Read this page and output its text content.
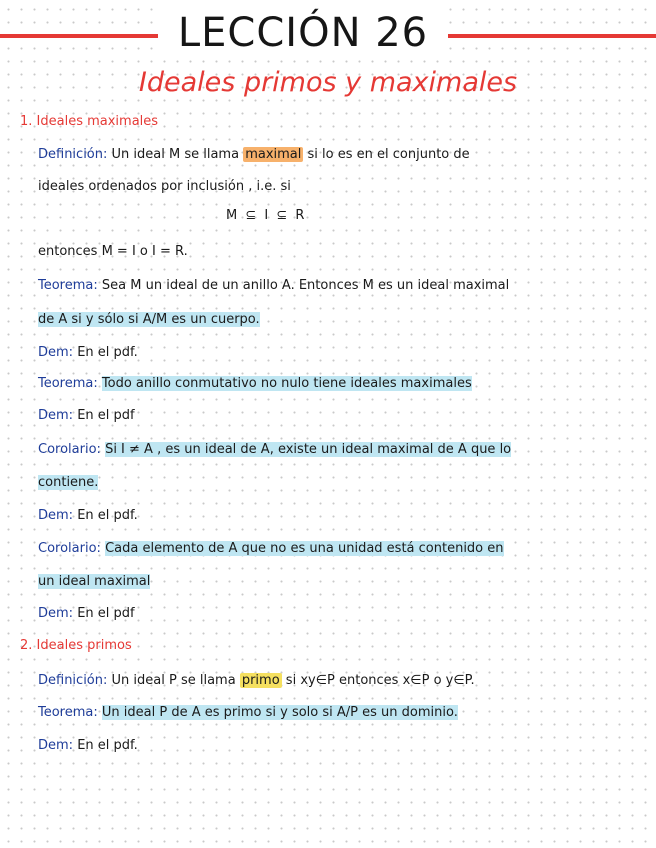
LECCIÓN 26
Ideales primos y maximales
1. Ideales maximales
Definición: Un ideal M se llama maximal si lo es en el conjunto de
ideales ordenados por inclusión , i.e. si
M ⊆ I ⊆ R
entonces M = I o I = R.
Teorema: Sea M un ideal de un anillo A. Entonces M es un ideal maximal
de A si y sólo si A/M es un cuerpo.
Dem: En el pdf.
Teorema: Todo anillo conmutativo no nulo tiene ideales maximales
Dem: En el pdf
Corolario: Si I ≠ A , es un ideal de A, existe un ideal maximal de A que lo
contiene.
Dem: En el pdf.
Corolario: Cada elemento de A que no es una unidad está contenido en
un ideal maximal
Dem: En el pdf
2. Ideales primos
Definición: Un ideal P se llama primo si xy∈P entonces x∈P o y∈P.
Teorema: Un ideal P de A es primo si y solo si A/P es un dominio.
Dem: En el pdf.
